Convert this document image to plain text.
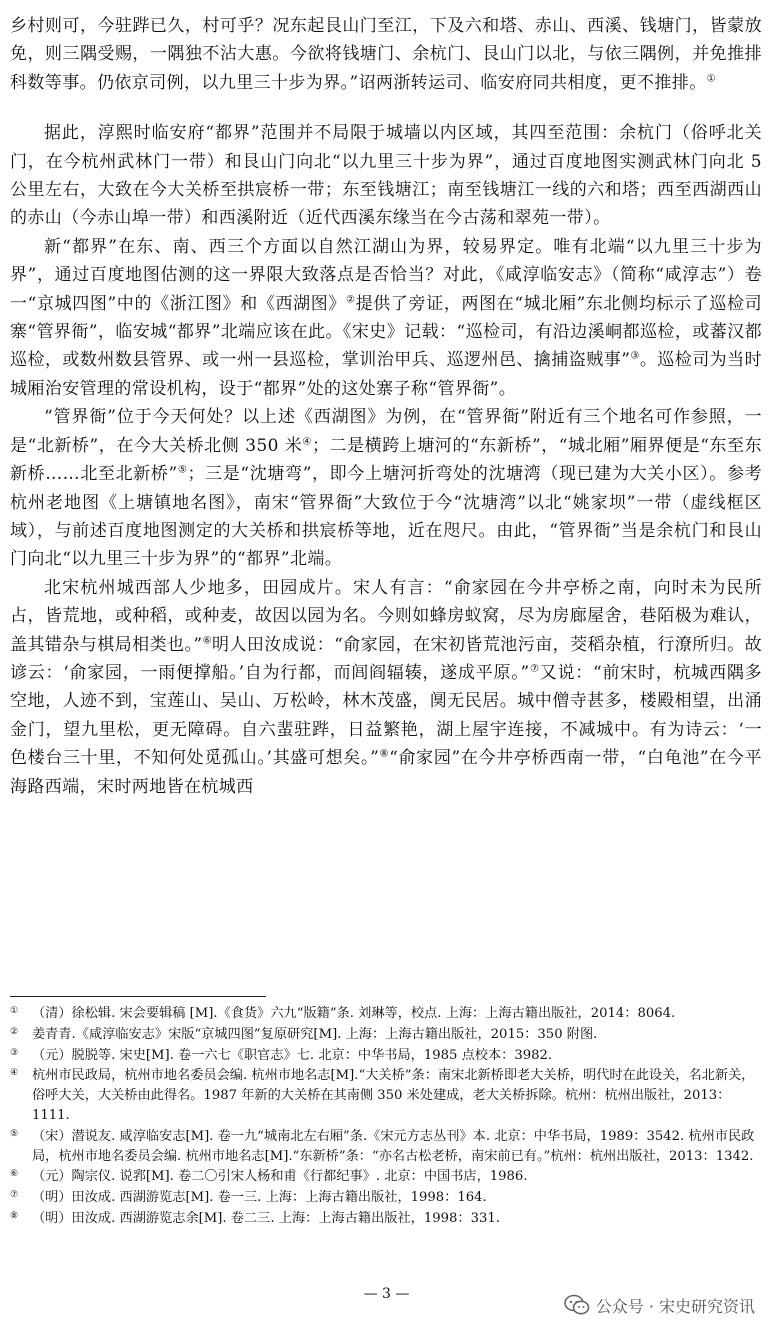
乡村则可，今驻跸已久，村可乎？况东起艮山门至江，下及六和塔、赤山、西溪、钱塘门，皆蒙放免，则三隅受赐，一隅独不沾大惠。今欲将钱塘门、余杭门、艮山门以北，与依三隅例，并免推排科数等事。仍依京司例，以九里三十步为界。”诏两浙转运司、临安府同共相度，更不推排。①

据此，淳熙时临安府“都界”范围并不局限于城墙以内区域，其四至范围：余杭门（俗呼北关门，在今杭州武林门一带）和艮山门向北“以九里三十步为界”，通过百度地图实测武林门向北 5 公里左右，大致在今大关桥至拱宸桥一带；东至钱塘江；南至钱塘江一线的六和塔；西至西湖西山的赤山（今赤山埠一带）和西溪附近（近代西溪东缘当在今古荡和翠苑一带）。

新“都界”在东、南、西三个方面以自然江湖山为界，较易界定。唯有北端“以九里三十步为界”，通过百度地图估测的这一界限大致落点是否恰当？对此，《咸淳临安志》（简称“咸淳志”）卷一“京城四图”中的《浙江图》和《西湖图》②提供了旁证，两图在“城北厢”东北侧均标示了巡检司寨“管界衙”，临安城“都界”北端应该在此。《宋史》记载：“巡检司，有沿边溪峒都巡检，或蕃汉都巡检，或数州数县管界、或一州一县巡检，掌训治甲兵、巡逻州邑、擒捕盗贼事”③。巡检司为当时城厢治安管理的常设机构，设于“都界”处的这处寨子称“管界衙”。

“管界衙”位于今天何处？以上述《西湖图》为例，在“管界衙”附近有三个地名可作参照，一是“北新桥”，在今大关桥北侧 350 米④；二是横跨上塘河的“东新桥”，“城北厢”厢界便是“东至东新桥……北至北新桥”⑤；三是“沈塘弯”，即今上塘河折弯处的沈塘湾（现已建为大关小区）。参考杭州老地图《上塘镇地名图》，南宋“管界衙”大致位于今“沈塘湾”以北“姚家坝”一带（虚线框区域），与前述百度地图测定的大关桥和拱宸桥等地，近在咫尺。由此，“管界衙”当是余杭门和艮山门向北“以九里三十步为界”的“都界”北端。

北宋杭州城西部人少地多，田园成片。宋人有言：“俞家园在今井亭桥之南，向时未为民所占，皆荒地，或种稻，或种麦，故因以园为名。今则如蜂房蚁窝，尽为房廊屋舍，巷陌极为难认，盖其错杂与棋局相类也。”⑥明人田汝成说：“俞家园，在宋初皆荒池污亩，茭稻杂植，行潦所归。故谚云：‘俞家园，一雨便撑船。’自为行都，而闾阎辐辏，遂成平原。”⑦又说：“前宋时，杭城西隅多空地，人迹不到，宝莲山、吴山、万松岭，林木茂盛，阒无民居。城中僧寺甚多，楼殿相望，出涌金门，望九里松，更无障碍。自六蜚驻跸，日益繁艳，湖上屋宇连接，不减城中。有为诗云：‘一色楼台三十里，不知何处觅孤山。’其盛可想矣。”⑧“俞家园”在今井亭桥西南一带，“白龟池”在今平海路西端，宋时两地皆在杭城西

①	（清）徐松辑. 宋会要辑稿 [M].《食货》六九“版籍”条. 刘琳等，校点. 上海：上海古籍出版社，2014：8064.
②	姜青青.《咸淳临安志》宋版“京城四图”复原研究[M]. 上海：上海古籍出版社，2015：350 附图.
③	（元）脱脱等. 宋史[M]. 卷一六七《职官志》七. 北京：中华书局，1985 点校本：3982.
④	杭州市民政局，杭州市地名委员会编. 杭州市地名志[M].“大关桥”条：南宋北新桥即老大关桥，明代时在此设关，名北新关，俗呼大关，大关桥由此得名。1987 年新的大关桥在其南侧 350 米处建成，老大关桥拆除。杭州：杭州出版社，2013：1111.
⑤	（宋）潜说友. 咸淳临安志[M]. 卷一九“城南北左右厢”条.《宋元方志丛刊》本. 北京：中华书局，1989：3542. 杭州市民政局，杭州市地名委员会编. 杭州市地名志[M].“东新桥”条：“亦名古松老桥，南宋前已有。”杭州：杭州出版社，2013：1342.
⑥	（元）陶宗仪. 说郛[M]. 卷二〇引宋人杨和甫《行都纪事》. 北京：中国书店，1986.
⑦	（明）田汝成. 西湖游览志[M]. 卷一三. 上海：上海古籍出版社，1998：164.
⑧	（明）田汝成. 西湖游览志余[M]. 卷二三. 上海：上海古籍出版社，1998：331.
— 3 —
公众号 · 宋史研究资讯
